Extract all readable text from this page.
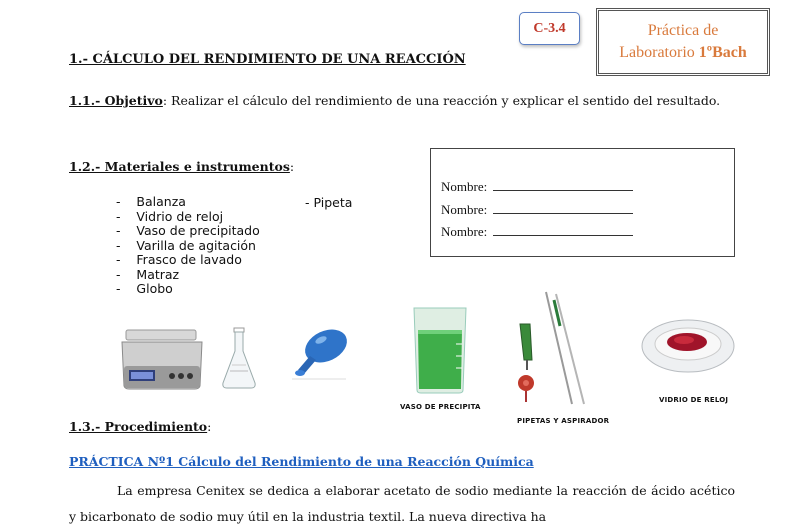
C-3.4	Práctica de
Laboratorio 1ºBach
1.- CÁLCULO DEL RENDIMIENTO DE UNA REACCIÓN
1.1.- Objetivo: Realizar el cálculo del rendimiento de una reacción y explicar el sentido del resultado.
1.2.- Materiales e instrumentos:
-    Balanza
-    Vidrio de reloj
-    Vaso de precipitado
-    Varilla de agitación
-    Frasco de lavado
-    Matraz
-    Globo
- Pipeta
Nombre:
Nombre:
Nombre:
VASO DE PRECIPITA
PIPETAS Y ASPIRADOR
VIDRIO DE RELOJ
1.3.- Procedimiento:
PRÁCTICA Nº1 Cálculo del Rendimiento de una Reacción Química
La empresa Cenitex se dedica a elaborar acetato de sodio mediante la reacción de ácido acético y bicarbonato de sodio muy útil en la industria textil. La nueva directiva ha
